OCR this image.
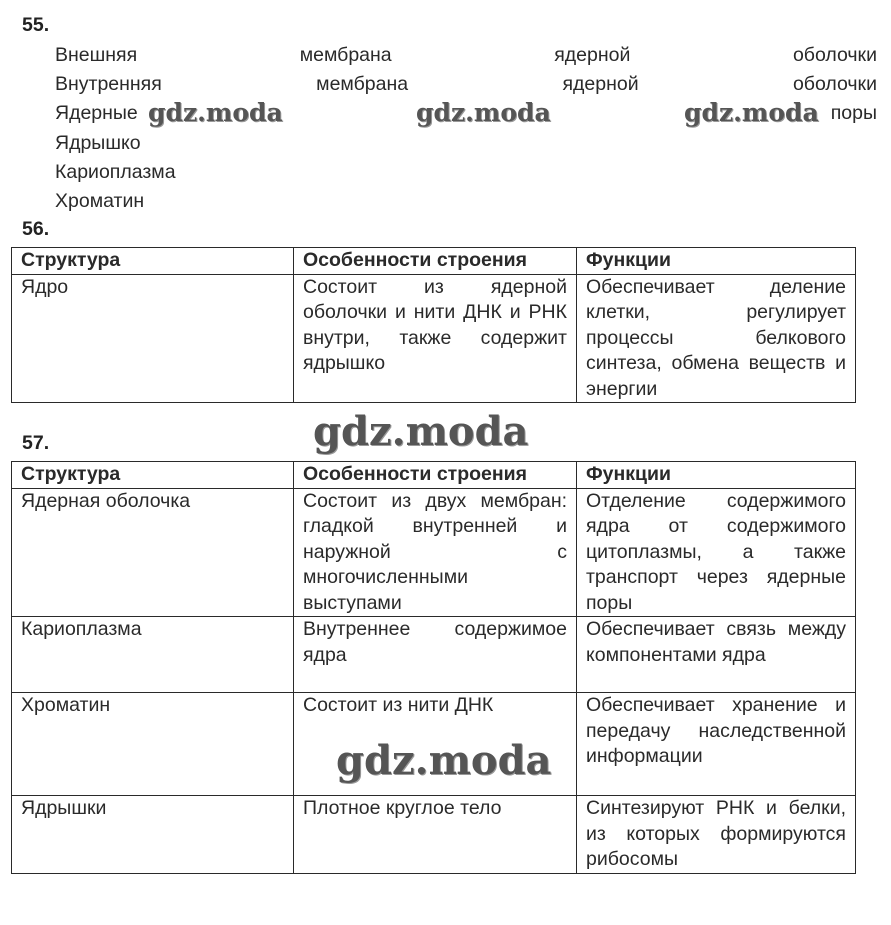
55.
Внешняя	мембрана	ядерной	оболочки
Внутренняя	мембрана	ядерной	оболочки
Ядерные	поры
Ядрышко
Кариоплазма
Хроматин
56.
Структура	Особенности строения	Функции
Ядро	Состоит из ядерной оболочки и нити ДНК и РНК внутри, также содержит ядрышко	Обеспечивает деление клетки, регулирует процессы белкового синтеза, обмена веществ и энергии
57.
Структура	Особенности строения	Функции
Ядерная оболочка	Состоит из двух мембран: гладкой внутренней и наружной с многочисленными выступами	Отделение содержимого ядра от содержимого цитоплазмы, а также транспорт через ядерные поры
Кариоплазма	Внутреннее содержимое ядра	Обеспечивает связь между компонентами ядра
Хроматин	Состоит из нити ДНК	Обеспечивает хранение и передачу наследственной информации
Ядрышки	Плотное круглое тело	Синтезируют РНК и белки, из которых формируются рибосомы
gdz.moda	gdz.moda	gdz.moda
gdz.moda
gdz.moda
